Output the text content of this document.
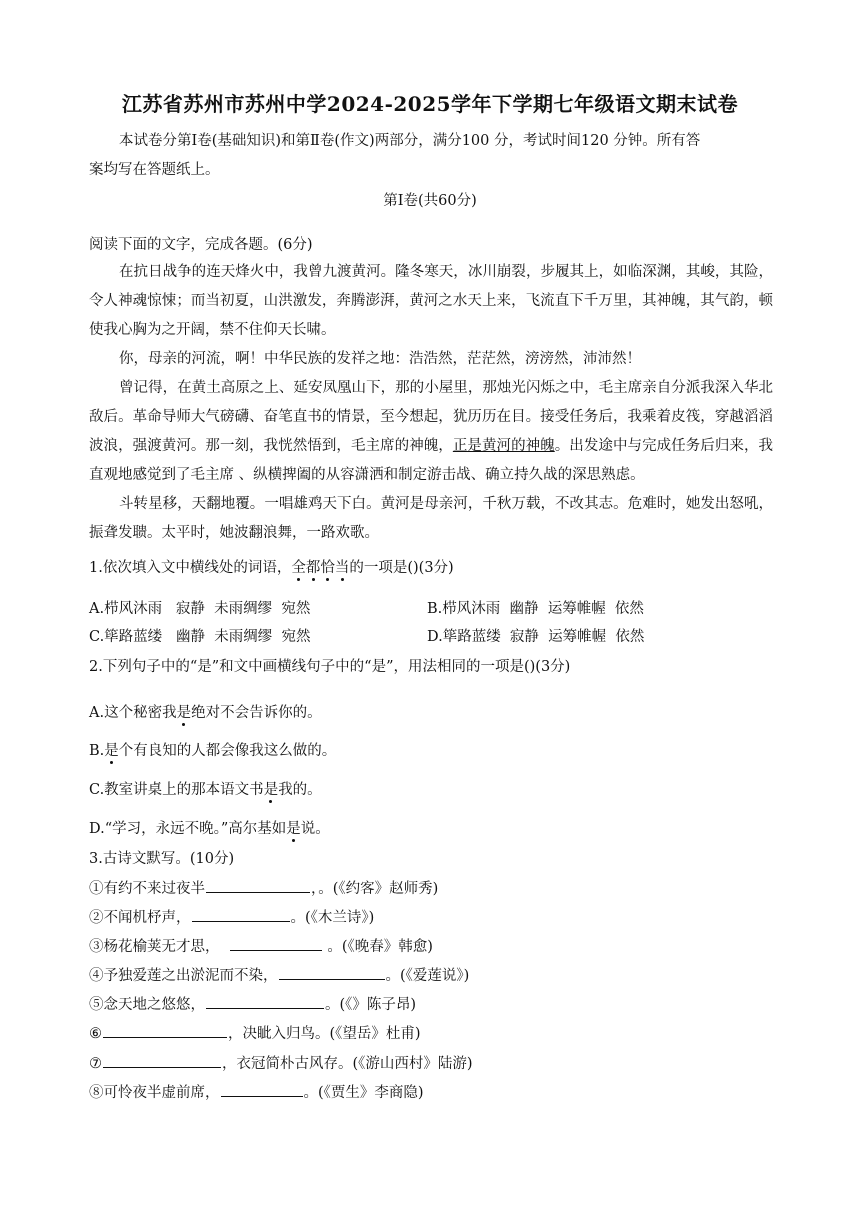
江苏省苏州市苏州中学2024-2025学年下学期七年级语文期末试卷
本试卷分第Ⅰ卷(基础知识)和第Ⅱ卷(作文)两部分，满分100 分，考试时间120 分钟。所有答
案均写在答题纸上。
第Ⅰ卷(共60分)
阅读下面的文字，完成各题。(6分)
在抗日战争的连天烽火中，我曾九渡黄河。隆冬寒天，冰川崩裂，步履其上，如临深渊，其峻，其险，令人神魂惊悚；而当初夏，山洪激发，奔腾澎湃，黄河之水天上来，飞流直下千万里，其神魄，其气韵，顿使我心胸为之开阔，禁不住仰天长啸。
你，母亲的河流，啊！中华民族的发祥之地：浩浩然，茫茫然，滂滂然，沛沛然！
曾记得，在黄土高原之上、延安凤凰山下，那的小屋里，那烛光闪烁之中，毛主席亲自分派我深入华北敌后。革命导师大气磅礴、奋笔直书的情景，至今想起，犹历历在目。接受任务后，我乘着皮筏，穿越滔滔波浪，强渡黄河。那一刻，我恍然悟到，毛主席的神魄，正是黄河的神魄。出发途中与完成任务后归来，我直观地感觉到了毛主席 、纵横捭阖的从容潇洒和制定游击战、确立持久战的深思熟虑。
斗转星移，天翻地覆。一唱雄鸡天下白。黄河是母亲河，千秋万载，不改其志。危难时，她发出怒吼，振聋发聩。太平时，她波翻浪舞，一路欢歌。
1.依次填入文中横线处的词语，全都恰当的一项是()(3分)
A.栉风沐雨   寂静  未雨绸缪  宛然	B.栉风沐雨  幽静  运筹帷幄  依然
C.筚路蓝缕   幽静  未雨绸缪  宛然	D.筚路蓝缕  寂静  运筹帷幄  依然
2.下列句子中的“是”和文中画横线句子中的“是”，用法相同的一项是()(3分)
A.这个秘密我是绝对不会告诉你的。
B.是个有良知的人都会像我这么做的。
C.教室讲桌上的那本语文书是我的。
D.“学习，永远不晚。”高尔基如是说。
3.古诗文默写。(10分)
①有约不来过夜半	，。(《约客》赵师秀)
②不闻机杼声，	。(《木兰诗》)
③杨花榆荚无才思，	。(《晚春》韩愈)
④予独爱莲之出淤泥而不染，	。(《爱莲说》)
⑤念天地之悠悠，	。(《》陈子昂)
⑥	，决眦入归鸟。(《望岳》杜甫)
⑦	，衣冠简朴古风存。(《游山西村》陆游)
⑧可怜夜半虚前席，	。(《贾生》李商隐)
